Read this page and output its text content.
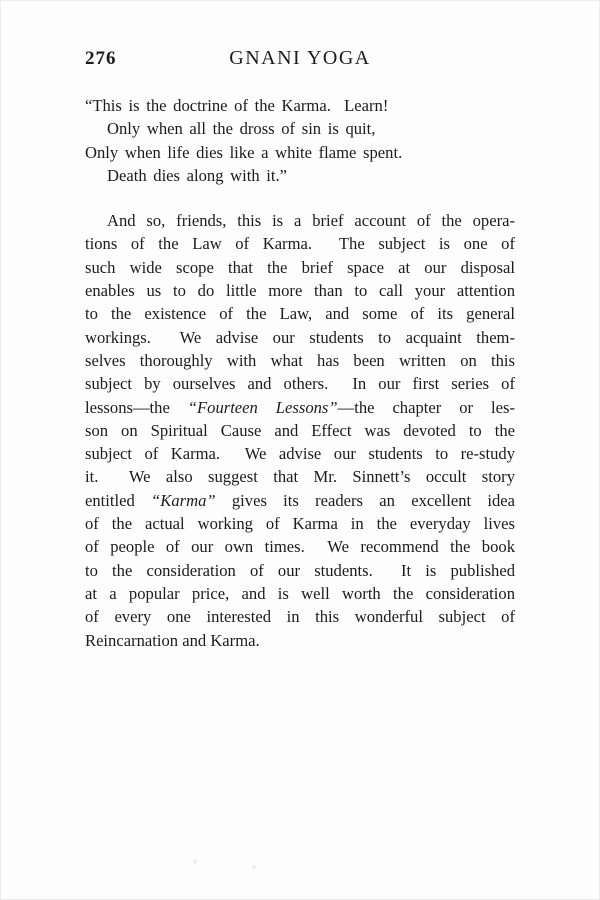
276	GNANI YOGA
“This is the doctrine of the Karma.  Learn!
Only when all the dross of sin is quit,
Only when life dies like a white flame spent.
Death dies along with it.”
And so, friends, this is a brief account of the opera-
tions of the Law of Karma.  The subject is one of
such wide scope that the brief space at our disposal
enables us to do little more than to call your attention
to the existence of the Law, and some of its general
workings.  We advise our students to acquaint them-
selves thoroughly with what has been written on this
subject by ourselves and others.  In our first series of
lessons—the “Fourteen Lessons”—the chapter or les-
son on Spiritual Cause and Effect was devoted to the
subject of Karma.  We advise our students to re-study
it.  We also suggest that Mr. Sinnett’s occult story
entitled “Karma” gives its readers an excellent idea
of the actual working of Karma in the everyday lives
of people of our own times.  We recommend the book
to the consideration of our students.  It is published
at a popular price, and is well worth the consideration
of every one interested in this wonderful subject of
Reincarnation and Karma.
